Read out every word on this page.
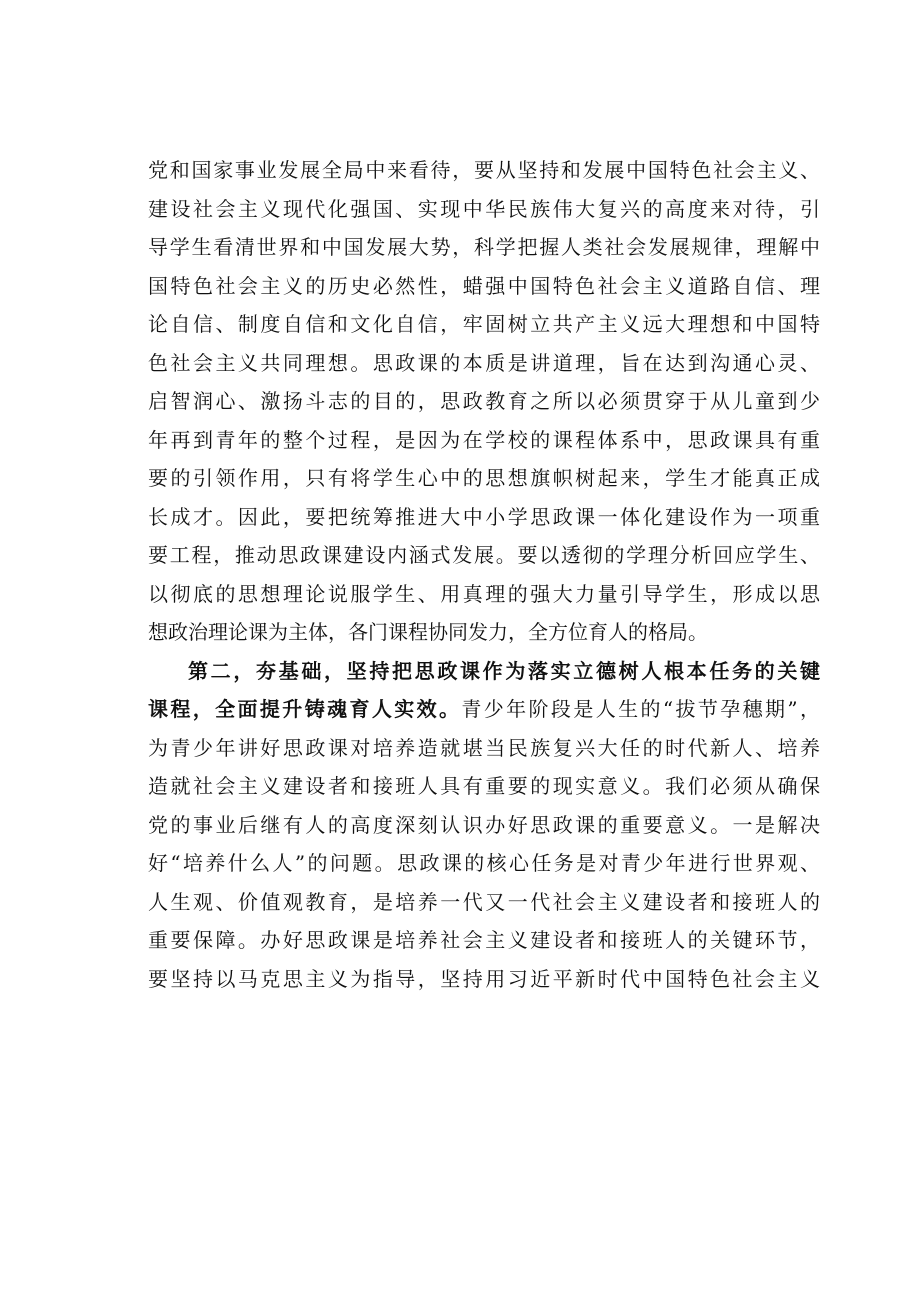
党和国家事业发展全局中来看待，要从坚持和发展中国特色社会主义、
建设社会主义现代化强国、实现中华民族伟大复兴的高度来对待，引
导学生看清世界和中国发展大势，科学把握人类社会发展规律，理解中
国特色社会主义的历史必然性，蜡强中国特色社会主义道路自信、理
论自信、制度自信和文化自信，牢固树立共产主义远大理想和中国特
色社会主义共同理想。思政课的本质是讲道理，旨在达到沟通心灵、
启智润心、激扬斗志的目的，思政教育之所以必须贯穿于从儿童到少
年再到青年的整个过程，是因为在学校的课程体系中，思政课具有重
要的引领作用，只有将学生心中的思想旗帜树起来，学生才能真正成
长成才。因此，要把统筹推进大中小学思政课一体化建设作为一项重
要工程，推动思政课建设内涵式发展。要以透彻的学理分析回应学生、
以彻底的思想理论说服学生、用真理的强大力量引导学生，形成以思
想政治理论课为主体，各门课程协同发力，全方位育人的格局。
第二，夯基础，坚持把思政课作为落实立德树人根本任务的关键
课程，全面提升铸魂育人实效。青少年阶段是人生的“拔节孕穗期”，
为青少年讲好思政课对培养造就堪当民族复兴大任的时代新人、培养
造就社会主义建设者和接班人具有重要的现实意义。我们必须从确保
党的事业后继有人的高度深刻认识办好思政课的重要意义。一是解决
好“培养什么人”的问题。思政课的核心任务是对青少年进行世界观、
人生观、价值观教育，是培养一代又一代社会主义建设者和接班人的
重要保障。办好思政课是培养社会主义建设者和接班人的关键环节，
要坚持以马克思主义为指导，坚持用习近平新时代中国特色社会主义
